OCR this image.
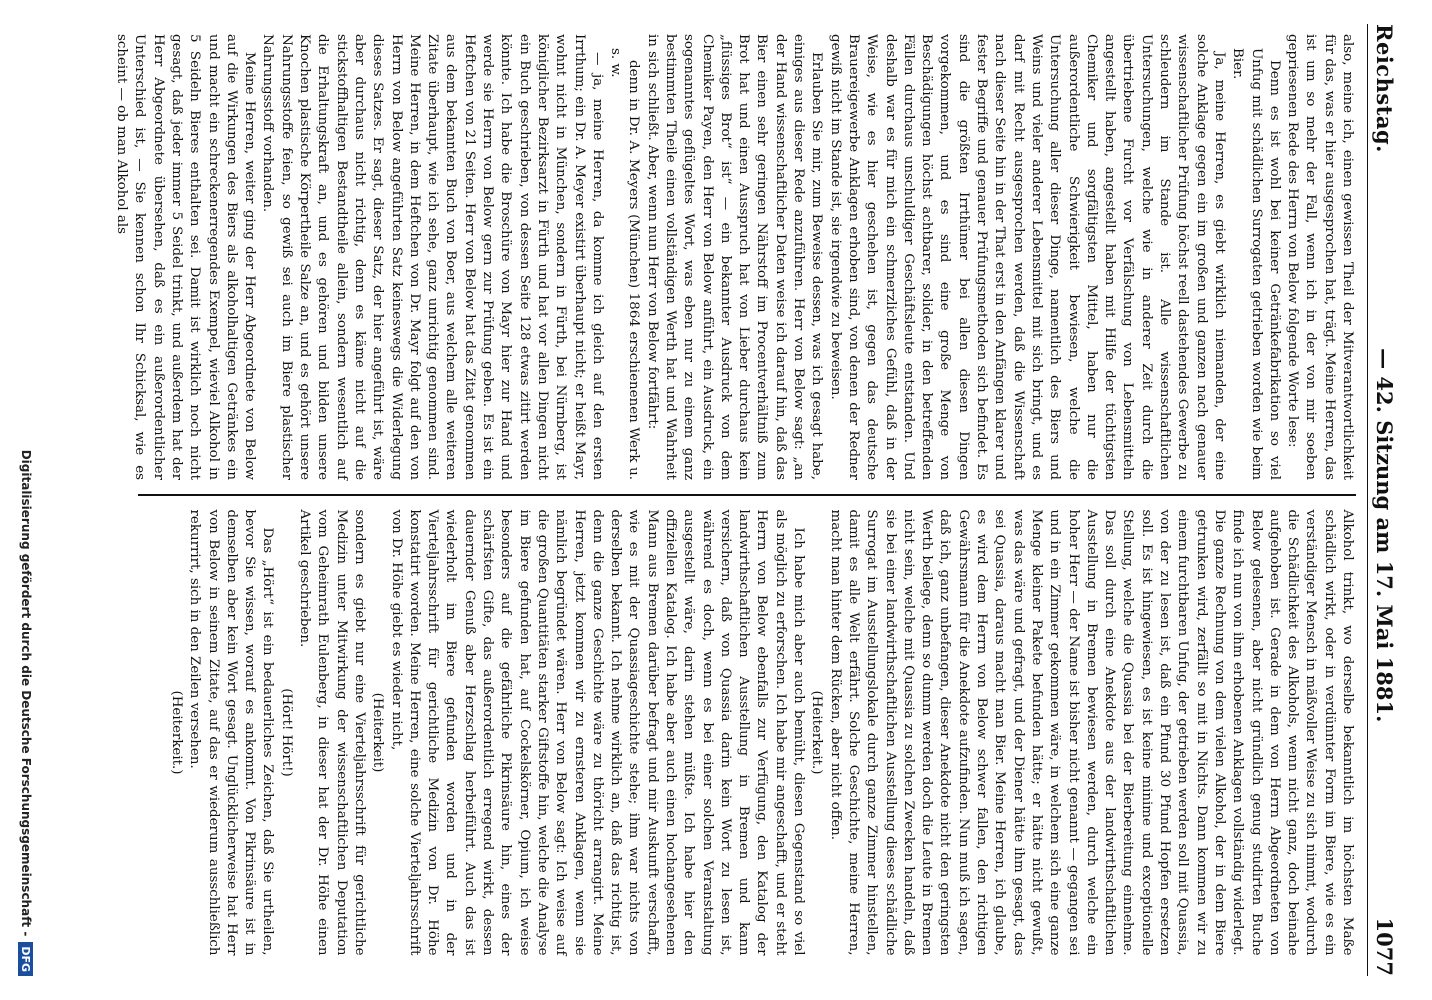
Reichstag.
— 42. Sitzung am 17. Mai 1881.
1077

also, meine ich, einen gewissen Theil der Mitverantwortlichkeit für das, was er hier ausgesprochen hat, trägt. Meine Herren, das ist um so mehr der Fall, wenn ich in der von mir soeben gepriesenen Rede des Herrn von Below folgende Worte lese:

Denn es ist wohl bei keiner Getränkefabrikation so viel Unfug mit schädlichen Surrogaten getrieben worden wie beim Bier.

Ja, meine Herren, es giebt wirklich niemanden, der eine solche Anklage gegen ein im großen und ganzen nach genauer wissenschaftlicher Prüfung höchst reell dastehendes Gewerbe zu schleudern im Stande ist. Alle wissenschaftlichen Untersuchungen, welche wie in anderer Zeit durch die übertriebene Furcht vor Verfälschung von Lebensmitteln angestellt haben, angestellt haben mit Hilfe der tüchtigsten Chemiker und sorgfältigsten Mittel, haben nur die außerordentliche Schwierigkeit bewiesen, welche die Untersuchung aller dieser Dinge, namentlich des Biers und Weins und vieler anderer Lebensmittel mit sich bringt, und es darf mit Recht ausgesprochen werden, daß die Wissenschaft nach dieser Seite hin in der That erst in den Anfängen klarer und fester Begriffe und genauer Prüfungsmethoden sich befindet. Es sind die größten Irrthümer bei allen diesen Dingen vorgekommen, und es sind eine große Menge von Beschädigungen höchst achtbarer, solider, in den betreffenden Fällen durchaus unschuldiger Geschäftsleute entstanden. Und deshalb war es für mich ein schmerzliches Gefühl, daß in der Weise, wie es hier geschehen ist, gegen das deutsche Brauereigewerbe Anklagen erhoben sind, von denen der Redner gewiß nicht im Stande ist, sie irgendwie zu beweisen.

Erlauben Sie mir, zum Beweise dessen, was ich gesagt habe, einiges aus dieser Rede anzuführen. Herr von Below sagt: „an der Hand wissenschaftlicher Daten weise ich darauf hin, daß das Bier einen sehr geringen Nährstoff im Procentverhältniß zum Brot hat und einen Ausspruch hat von Lieber durchaus kein „flüssiges Brot“ ist“ — ein bekannter Ausdruck von dem Chemiker Payen, den Herr von Below anführt, ein Ausdruck, ein sogenanntes geflügeltes Wort, was eben nur zu einem ganz bestimmten Theile einen vollständigen Werth hat und Wahrheit in sich schließt. Aber, wenn nun Herr von Below fortfährt:

denn in Dr. A. Meyers (München) 1864 erschienenen Werk u. s. w.

— ja, meine Herren, da komme ich gleich auf den ersten Irrthum; ein Dr. A. Meyer existirt überhaupt nicht; er heißt Mayr, wohnt nicht in München, sondern in Fürth, bei Nürnberg, ist königlicher Bezirksarzt in Fürth und hat vor allen Dingen nicht ein Buch geschrieben, von dessen Seite 128 etwas zitirt werden könnte. Ich habe die Broschüre von Mayr hier zur Hand und werde sie Herrn von Below gern zur Prüfung geben. Es ist ein Heftchen von 21 Seiten. Herr von Below hat das Zitat genommen aus dem bekannten Buch von Boer, aus welchem alle weiteren Zitate überhaupt, wie ich sehe, ganz unrichtig genommen sind. Meine Herren, in dem Heftchen von Dr. Mayr folgt auf den von Herrn von Below angeführten Satz keineswegs die Widerlegung dieses Satzes. Er sagt, dieser Satz, der hier angeführt ist, wäre aber durchaus nicht richtig, denn es käme nicht auf die stickstoffhaltigen Bestandtheile allein, sondern wesentlich auf die Erhaltungskraft an, und es gehören und bilden unsere Knochen plastische Körpertheile Salze an, und es gehört unsere Nahrungsstoffe feien, so gewiß sei auch im Biere plastischer Nahrungsstoff vorhanden.

Meine Herren, weiter ging der Herr Abgeordnete von Below auf die Wirkungen des Biers als alkoholhaltigen Getränkes ein und macht ein schreckenerregendes Exempel, wieviel Alkohol in 5 Seideln Bieres enthalten sei. Damit ist wirklich noch nicht gesagt, daß jeder immer 5 Seidel trinkt, und außerdem hat der Herr Abgeordnete übersehen, daß es ein außerordentlicher Unterschied ist, — Sie kennen schon Ihr Schicksal, wie es scheint — ob man Alkohol als

Alkohol trinkt, wo derselbe bekanntlich im höchsten Maße schädlich wirkt, oder in verdünnter Form im Biere, wie es ein verständiger Mensch in mäßvoller Weise zu sich nimmt, wodurch die Schädlichkeit des Alkohols, wenn nicht ganz, doch beinahe aufgehoben ist. Gerade in dem von Herrn Abgeordneten von Below gelesenen, aber nicht gründlich genug studirten Buche finde ich nun von ihm erhobenen Anklagen vollständig widerlegt. Die ganze Rechnung von dem vielen Alkohol, der in dem Biere getrunken wird, zerfällt so mit in Nichts. Dann kommen wir zu einem furchtbaren Unfug, der getrieben werden soll mit Quassia, von der zu lesen ist, daß ein Pfund 30 Pfund Hopfen ersetzen soll. Es ist hingewiesen, es ist keine minime und exceptionelle Stellung, welche die Quassia bei der Bierbereitung einnehme. Das soll durch eine Anekdote aus der landwirthschaftlichen Ausstellung in Bremen bewiesen werden, durch welche ein hoher Herr — der Name ist bisher nicht genannt — gegangen sei und in ein Zimmer gekommen wäre, in welchem sich eine ganze Menge kleiner Pakete befunden hätte; er hätte nicht gewußt, was das wäre und gefragt, und der Diener hätte ihm gesagt, das sei Quassia, daraus macht man Bier. Meine Herren, ich glaube, es wird dem Herrn von Below schwer fallen, den richtigen Gewährsmann für die Anekdote aufzufinden. Nun muß ich sagen, daß ich, ganz unbefangen, dieser Anekdote nicht den geringsten Werth beilege, denn so dumm werden doch die Leute in Bremen nicht sein, welche mit Quassia zu solchen Zwecken handeln, daß sie bei einer landwirthschaftlichen Ausstellung dieses schädliche Surrogat im Ausstellungslokale durch ganze Zimmer hinstellen, damit es alle Welt erfährt. Solche Geschichte, meine Herren, macht man hinter dem Rücken, aber nicht offen.

(Heiterkeit.)

Ich habe mich aber auch bemüht, diesen Gegenstand so viel als möglich zu erforschen. Ich habe mir angeschafft, und er steht Herrn von Below ebenfalls zur Verfügung, den Katalog der landwirthschaftlichen Ausstellung in Bremen und kann versichern, daß von Quassia darin kein Wort zu lesen ist, während es doch, wenn es bei einer solchen Veranstaltung ausgestellt wäre, darin stehen müßte. Ich habe hier den offiziellen Katalog. Ich habe aber auch einen hochangesehenen Mann aus Bremen darüber befragt und mir Auskunft verschafft, wie es mit der Quassiageschichte stehe; ihm war nichts von derselben bekannt. Ich nehme wirklich an, daß das richtig ist, denn die ganze Geschichte wäre zu thöricht arrangirt. Meine Herren, jetzt kommen wir zu ernsteren Anklagen, wenn sie nämlich begründet wären. Herr von Below sagt: Ich weise auf die großen Quantitäten starker Giftstoffe hin, welche die Analyse im Biere gefunden hat, auf Cockelskörner, Opium, ich weise besonders auf die gefährliche Pikrinsäure hin, eines der schärfsten Gifte, das außerordentlich erregend wirkt, dessen dauernder Genuß aber Herzschlag herbeiführt. Auch das ist wiederholt im Biere gefunden worden und in der Vierteljahrsschrift für gerichtliche Medizin von Dr. Höhe konstatirt worden. Meine Herren, eine solche Vierteljahrsschrift von Dr. Höhe giebt es wieder nicht,

(Heiterkeit)

sondern es giebt nur eine Vierteljahrsschrift für gerichtliche Medizin unter Mitwirkung der wissenschaftlichen Deputation vom Geheimrath Eulenberg, in dieser hat der Dr. Höhe einen Artikel geschrieben.

(Hört! Hört!)

Das „Hört“ ist ein bedauerliches Zeichen, daß Sie urtheilen, bevor Sie wissen, worauf es ankommt. Von Pikrinsäure ist in demselben aber kein Wort gesagt. Unglücklicherweise hat Herr von Below in seinem Zitate, auf das er wiederum ausschließlich rekurrirt, sich in den Zeilen versehen.

(Heiterkeit.)

Digitalisierung gefördert durch die Deutsche Forschungsgemeinschaft -
DFG
